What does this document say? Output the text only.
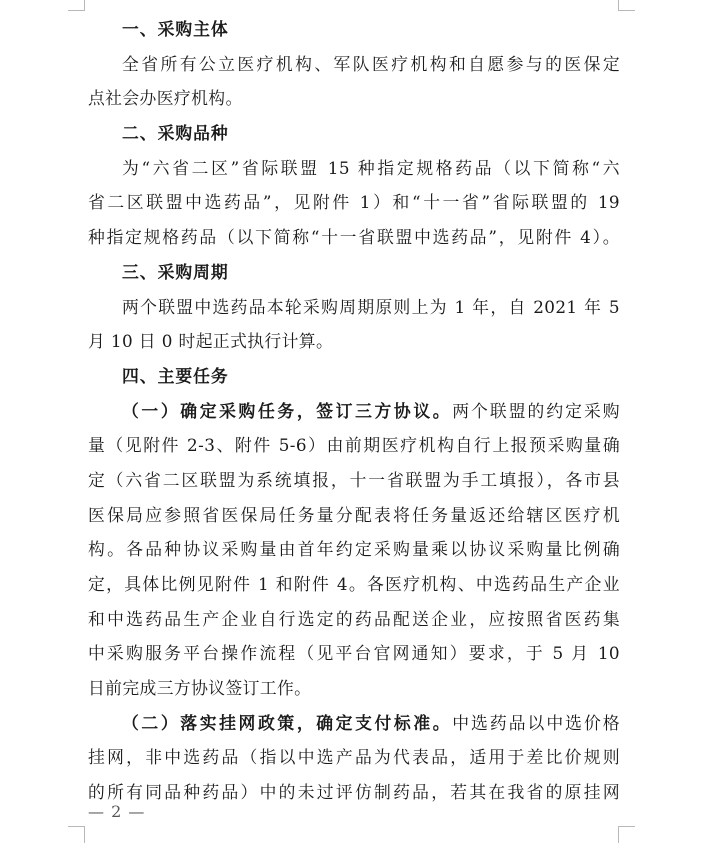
一、采购主体
全省所有公立医疗机构、军队医疗机构和自愿参与的医保定
点社会办医疗机构。
二、采购品种
为“六省二区”省际联盟 15 种指定规格药品（以下简称“六
省二区联盟中选药品”，见附件 1）和“十一省”省际联盟的 19
种指定规格药品（以下简称“十一省联盟中选药品”，见附件 4）。
三、采购周期
两个联盟中选药品本轮采购周期原则上为 1 年，自 2021 年 5
月 10 日 0 时起正式执行计算。
四、主要任务
（一）确定采购任务，签订三方协议。两个联盟的约定采购
量（见附件 2-3、附件 5-6）由前期医疗机构自行上报预采购量确
定（六省二区联盟为系统填报，十一省联盟为手工填报），各市县
医保局应参照省医保局任务量分配表将任务量返还给辖区医疗机
构。各品种协议采购量由首年约定采购量乘以协议采购量比例确
定，具体比例见附件 1 和附件 4。各医疗机构、中选药品生产企业
和中选药品生产企业自行选定的药品配送企业，应按照省医药集
中采购服务平台操作流程（见平台官网通知）要求，于 5 月 10
日前完成三方协议签订工作。
（二）落实挂网政策，确定支付标准。中选药品以中选价格
挂网，非中选药品（指以中选产品为代表品，适用于差比价规则
的所有同品种药品）中的未过评仿制药品，若其在我省的原挂网
— 2 —
